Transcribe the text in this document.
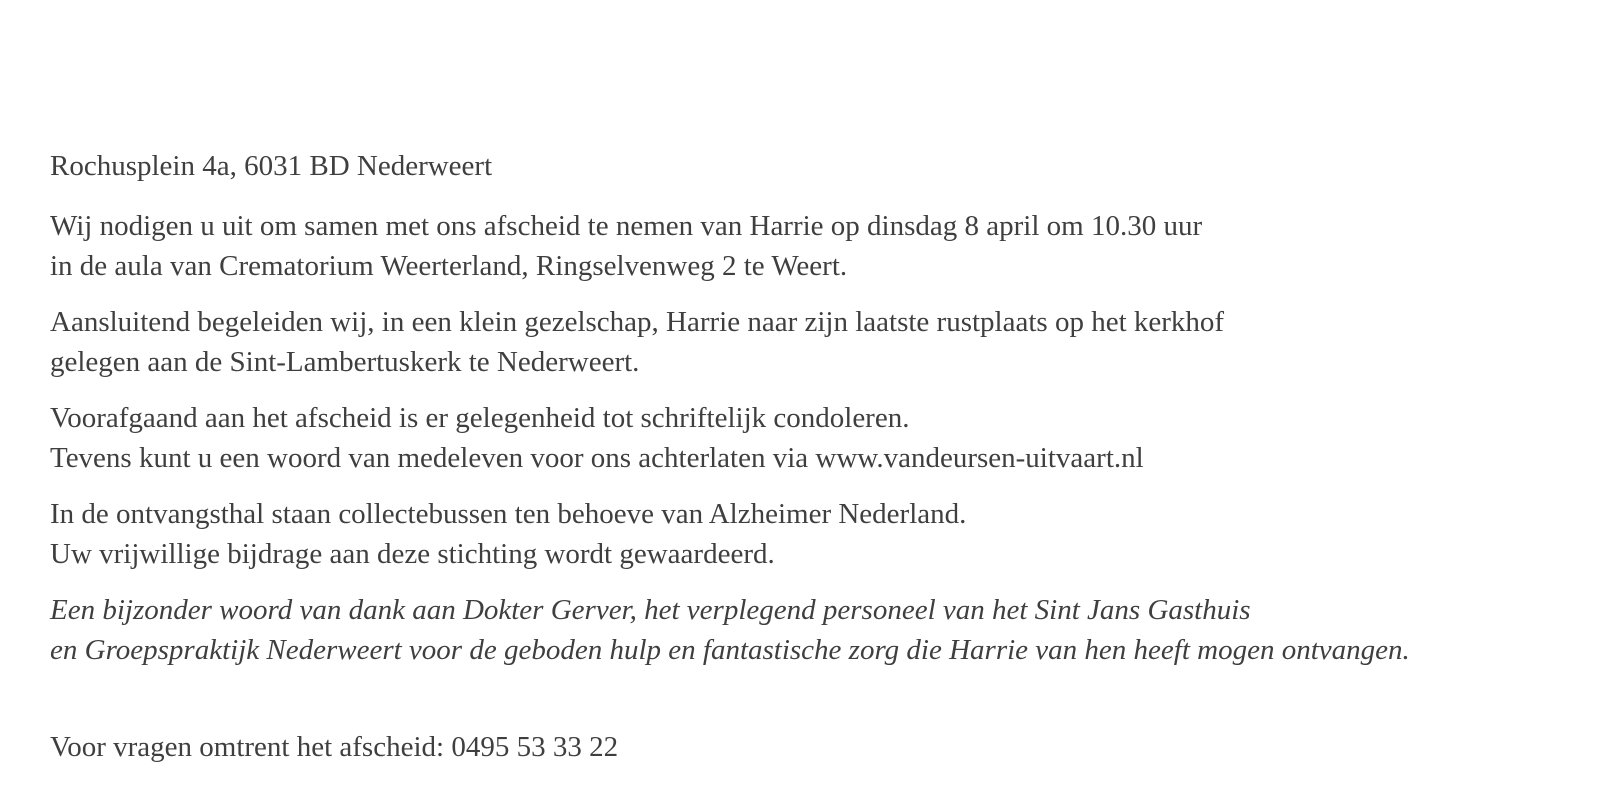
Rochusplein 4a, 6031 BD Nederweert

Wij nodigen u uit om samen met ons afscheid te nemen van Harrie op dinsdag 8 april om 10.30 uur
in de aula van Crematorium Weerterland, Ringselvenweg 2 te Weert.

Aansluitend begeleiden wij, in een klein gezelschap, Harrie naar zijn laatste rustplaats op het kerkhof
gelegen aan de Sint-Lambertuskerk te Nederweert.

Voorafgaand aan het afscheid is er gelegenheid tot schriftelijk condoleren.
Tevens kunt u een woord van medeleven voor ons achterlaten via www.vandeursen-uitvaart.nl

In de ontvangsthal staan collectebussen ten behoeve van Alzheimer Nederland.
Uw vrijwillige bijdrage aan deze stichting wordt gewaardeerd.

Een bijzonder woord van dank aan Dokter Gerver, het verplegend personeel van het Sint Jans Gasthuis
en Groepspraktijk Nederweert voor de geboden hulp en fantastische zorg die Harrie van hen heeft mogen ontvangen.

Voor vragen omtrent het afscheid: 0495 53 33 22
